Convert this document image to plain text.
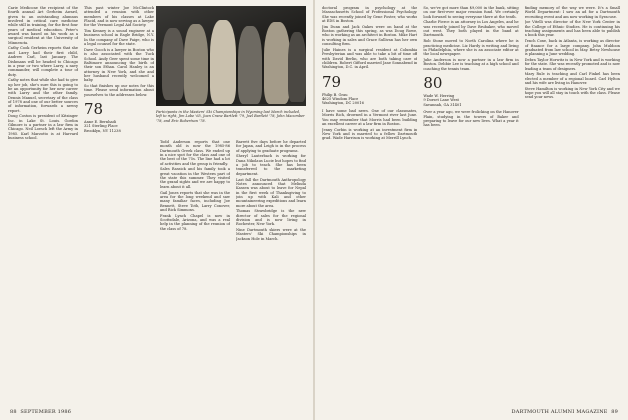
Carie Medicone the recipient of the fourth annual Art Gerheim Award, given to an outstanding alumnus involved in critical care medicine while still in training, for the first four years of medical education. Peter's award was based on his work as a surgical resident at the University of Minnesota.

Cathy Cook Gerheim reports that she and Larry had their first child, Andrew Carl, last January. The Dishmans will be headed to Chicago in a year or two where Larry, a navy commander, will complete a tour of duty.

Cathy notes that while she had to give up her job, she's sure this is going to be an opportunity for her new career with Larry and the other family. Dennis Manuel, secretary of the class of 1978 and one of our better sources of information, forwards a newsy report.

Doug Coston is president of Kitzinger Inc. in Lake St. Louis. Gordon Gilmore is a partner in a law firm in Chicago. Neil Loesch left the Army in 1985. Karl Marzotto is at Harvard business school.

This past winter Joe McClintock attended a reunion with other members of his classes at Lake Placid, and is now serving as a lawyer for the Vermont Legal Aid Society.

Tim Kenney is a sound engineer at a business school in Eagle Bridge, N.Y. In the company of Dave Paige, who is a legal counsel for the state.

Dave Gooch is a lawyer in Boston who is also associated with the Tuck School. Andy Geer spent some time in Baltimore announcing the birth of their son Ethan. Carol Hanley is an attorney in New York, and she and her husband recently welcomed a baby.

So that finishes up our notes for this time. Please send information about yourselves to the addresses below.

78
Anne E. Bernhadi
321 Sterling Place
Brooklyn, NY 11238

Todd Anderson reports that one month old is now the 1985-86 Dartmouth Greek class. We ended up in a nice spot for the class and one of the best of the 75s. The line had a lot of activities and the group is friendly.

Sales Rassick and his family took a great vacation in the Western part of the state this summer. They visited the grand sights and we are happy to learn about it all.

Gail Jones reports that she was in the area for the long weekend and saw many familiar faces, including Joe Bennett, Steve Toth, Larry Conover, and Rick Simmons.

Frank Lynch Chapel is now in Scottsdale, Arizona, and was a real help in the planning of the reunion of the class of 78.

Barrett five days before he departed for Japan, and Leigh is in the process of applying to graduate programs.

Sheryl Lauterbach is working for Dana Nikolaus Lucie but hopes to find a job to teach. She has been transferred to the marketing department.

Last fall the Dartmouth Anthropology Notes announced that Melinda Kassen was about to leave for Nepal in the first week of Thanksgiving to join up with Kali and other mountaineering expeditions and learn more about the area.

Thomas Strawbridge is the new director of sales for the regional division and is now living in Rochester, New York.

Nine Dartmouth skiers were at the Masters' Ski Championships in Jackson Hole in March.

Participants in the Masters' Ski Championships in Wyoming last March included, left to right, Jim Lobe '65, Joan Crane Bartlett '79, Joel Bartlett '78, John Macomber '78, and Eric Robertson '78.
88 SEPTEMBER 1986

doctoral program in psychology at the Massachusetts School of Professional Psychology. She was recently joined by Gene Foster, who works at EDS in Boston.

Jim Dunn and Jack Oakes were on hand at the Boston gathering this spring, as was Doug Rowe, who is working as an architect in Boston. Mike Hart is working in sales and Grace Sullivan has her own consulting firm.

Julie Haines is a surgical resident at Columbia Presbyterian and was able to take a bit of time off with David Berlin, who are both taking care of children. Robert Gifford married Jane Sonnabend in Washington, D.C. in April.

79
Philip B. Grau
4625 Windom Place
Washington, DC 20016

I have some bad news. One of our classmates, Morris Rich, drowned in a Vermont river last June. You may remember that Morris had been building an excellent career at a law firm in Boston.

Jenny Corbin is working at an investment firm in New York and is married to a fellow Dartmouth grad. Wade Harrison is working at Merrill Lynch.

So, we've got more than $9,000 in the bank, sitting on our first-ever major reunion fund. We certainly look forward to seeing everyone there at the tenth.

Charlie Fierce is an attorney in Los Angeles, and he was recently joined by Dave Brubaker, who moved out west. They both played in the band at Dartmouth.

Rob Stone moved to North Carolina where he is practicing medicine. Liz Hardy is writing and living in Philadelphia, where she is an associate editor at the local newspaper.

Julie Anderson is now a partner in a law firm in Boston. Debbie Lee is teaching at a high school and coaching the tennis team.

80
Wade W. Herring
9 Dorset Lane West
Savannah, GA 31401

Over a year ago, we were frolicking on the Hanover Plain, studying in the towers of Baker and preparing to leave for our new lives. What a year it has been.

finding memory of the way we were. It's a Small World Department: I saw an ad for a Dartmouth recruiting event and am now working in Syracuse.

Joe Vitelli was director of the New York Center in the College of Ethnic Studies. He is continuing his teaching assignments and has been able to publish a book this year.

Tench Coxe, back in Atlanta, is working as director of finance for a large company. John Muldoon graduated from law school in May. Betsy Newhouse is planning a June wedding.

Debra Taylor Horwitz is in New York and is working for the state. She was recently promoted and is now leading a team of designers.

Mary Rule is teaching and Carl Finkel has been elected a member of a regional board. Carl Hylton and his wife are living in Hanover.

Steve Hamilton is working in New York City and we hope you will all stay in touch with the class. Please send your news.

DARTMOUTH ALUMNI MAGAZINE 89
